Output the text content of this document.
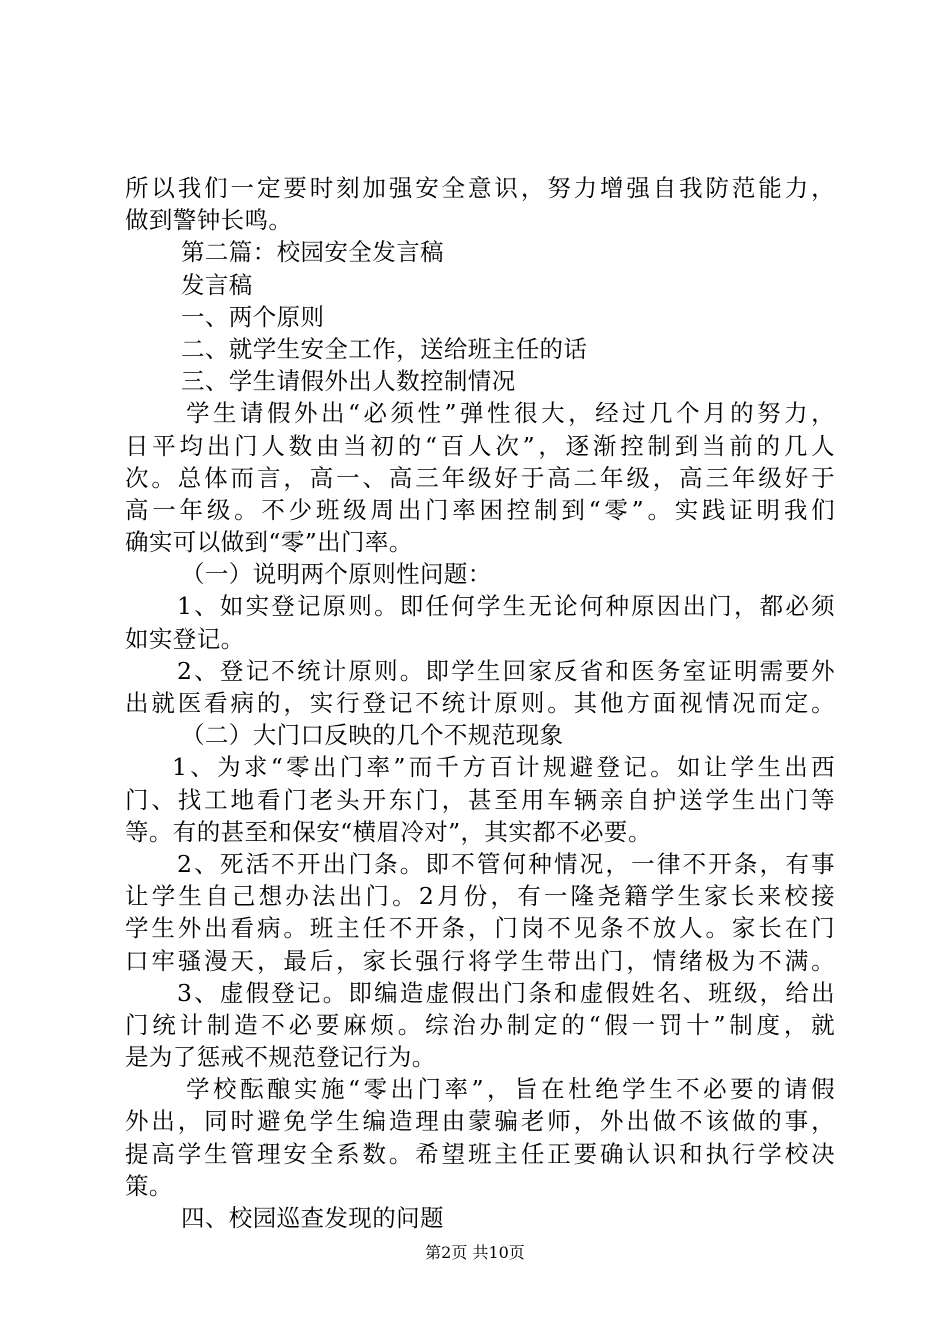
所以我们一定要时刻加强安全意识，努力增强自我防范能力，
做到警钟长鸣。
第二篇：校园安全发言稿
发言稿
一、两个原则
二、就学生安全工作，送给班主任的话
三、学生请假外出人数控制情况
学生请假外出“必须性”弹性很大，经过几个月的努力，
日平均出门人数由当初的“百人次”，逐渐控制到当前的几人
次。总体而言，高一、高三年级好于高二年级，高三年级好于
高一年级。不少班级周出门率困控制到“零”。实践证明我们
确实可以做到“零”出门率。
（一）说明两个原则性问题：
1、如实登记原则。即任何学生无论何种原因出门，都必须
如实登记。
2、登记不统计原则。即学生回家反省和医务室证明需要外
出就医看病的，实行登记不统计原则。其他方面视情况而定。
（二）大门口反映的几个不规范现象
1、为求“零出门率”而千方百计规避登记。如让学生出西
门、找工地看门老头开东门，甚至用车辆亲自护送学生出门等
等。有的甚至和保安“横眉冷对”，其实都不必要。
2、死活不开出门条。即不管何种情况，一律不开条，有事
让学生自己想办法出门。2月份，有一隆尧籍学生家长来校接
学生外出看病。班主任不开条，门岗不见条不放人。家长在门
口牢骚漫天，最后，家长强行将学生带出门，情绪极为不满。
3、虚假登记。即编造虚假出门条和虚假姓名、班级，给出
门统计制造不必要麻烦。综治办制定的“假一罚十”制度，就
是为了惩戒不规范登记行为。
学校酝酿实施“零出门率”，旨在杜绝学生不必要的请假
外出，同时避免学生编造理由蒙骗老师，外出做不该做的事，
提高学生管理安全系数。希望班主任正要确认识和执行学校决
策。
四、校园巡查发现的问题
第2页 共10页
